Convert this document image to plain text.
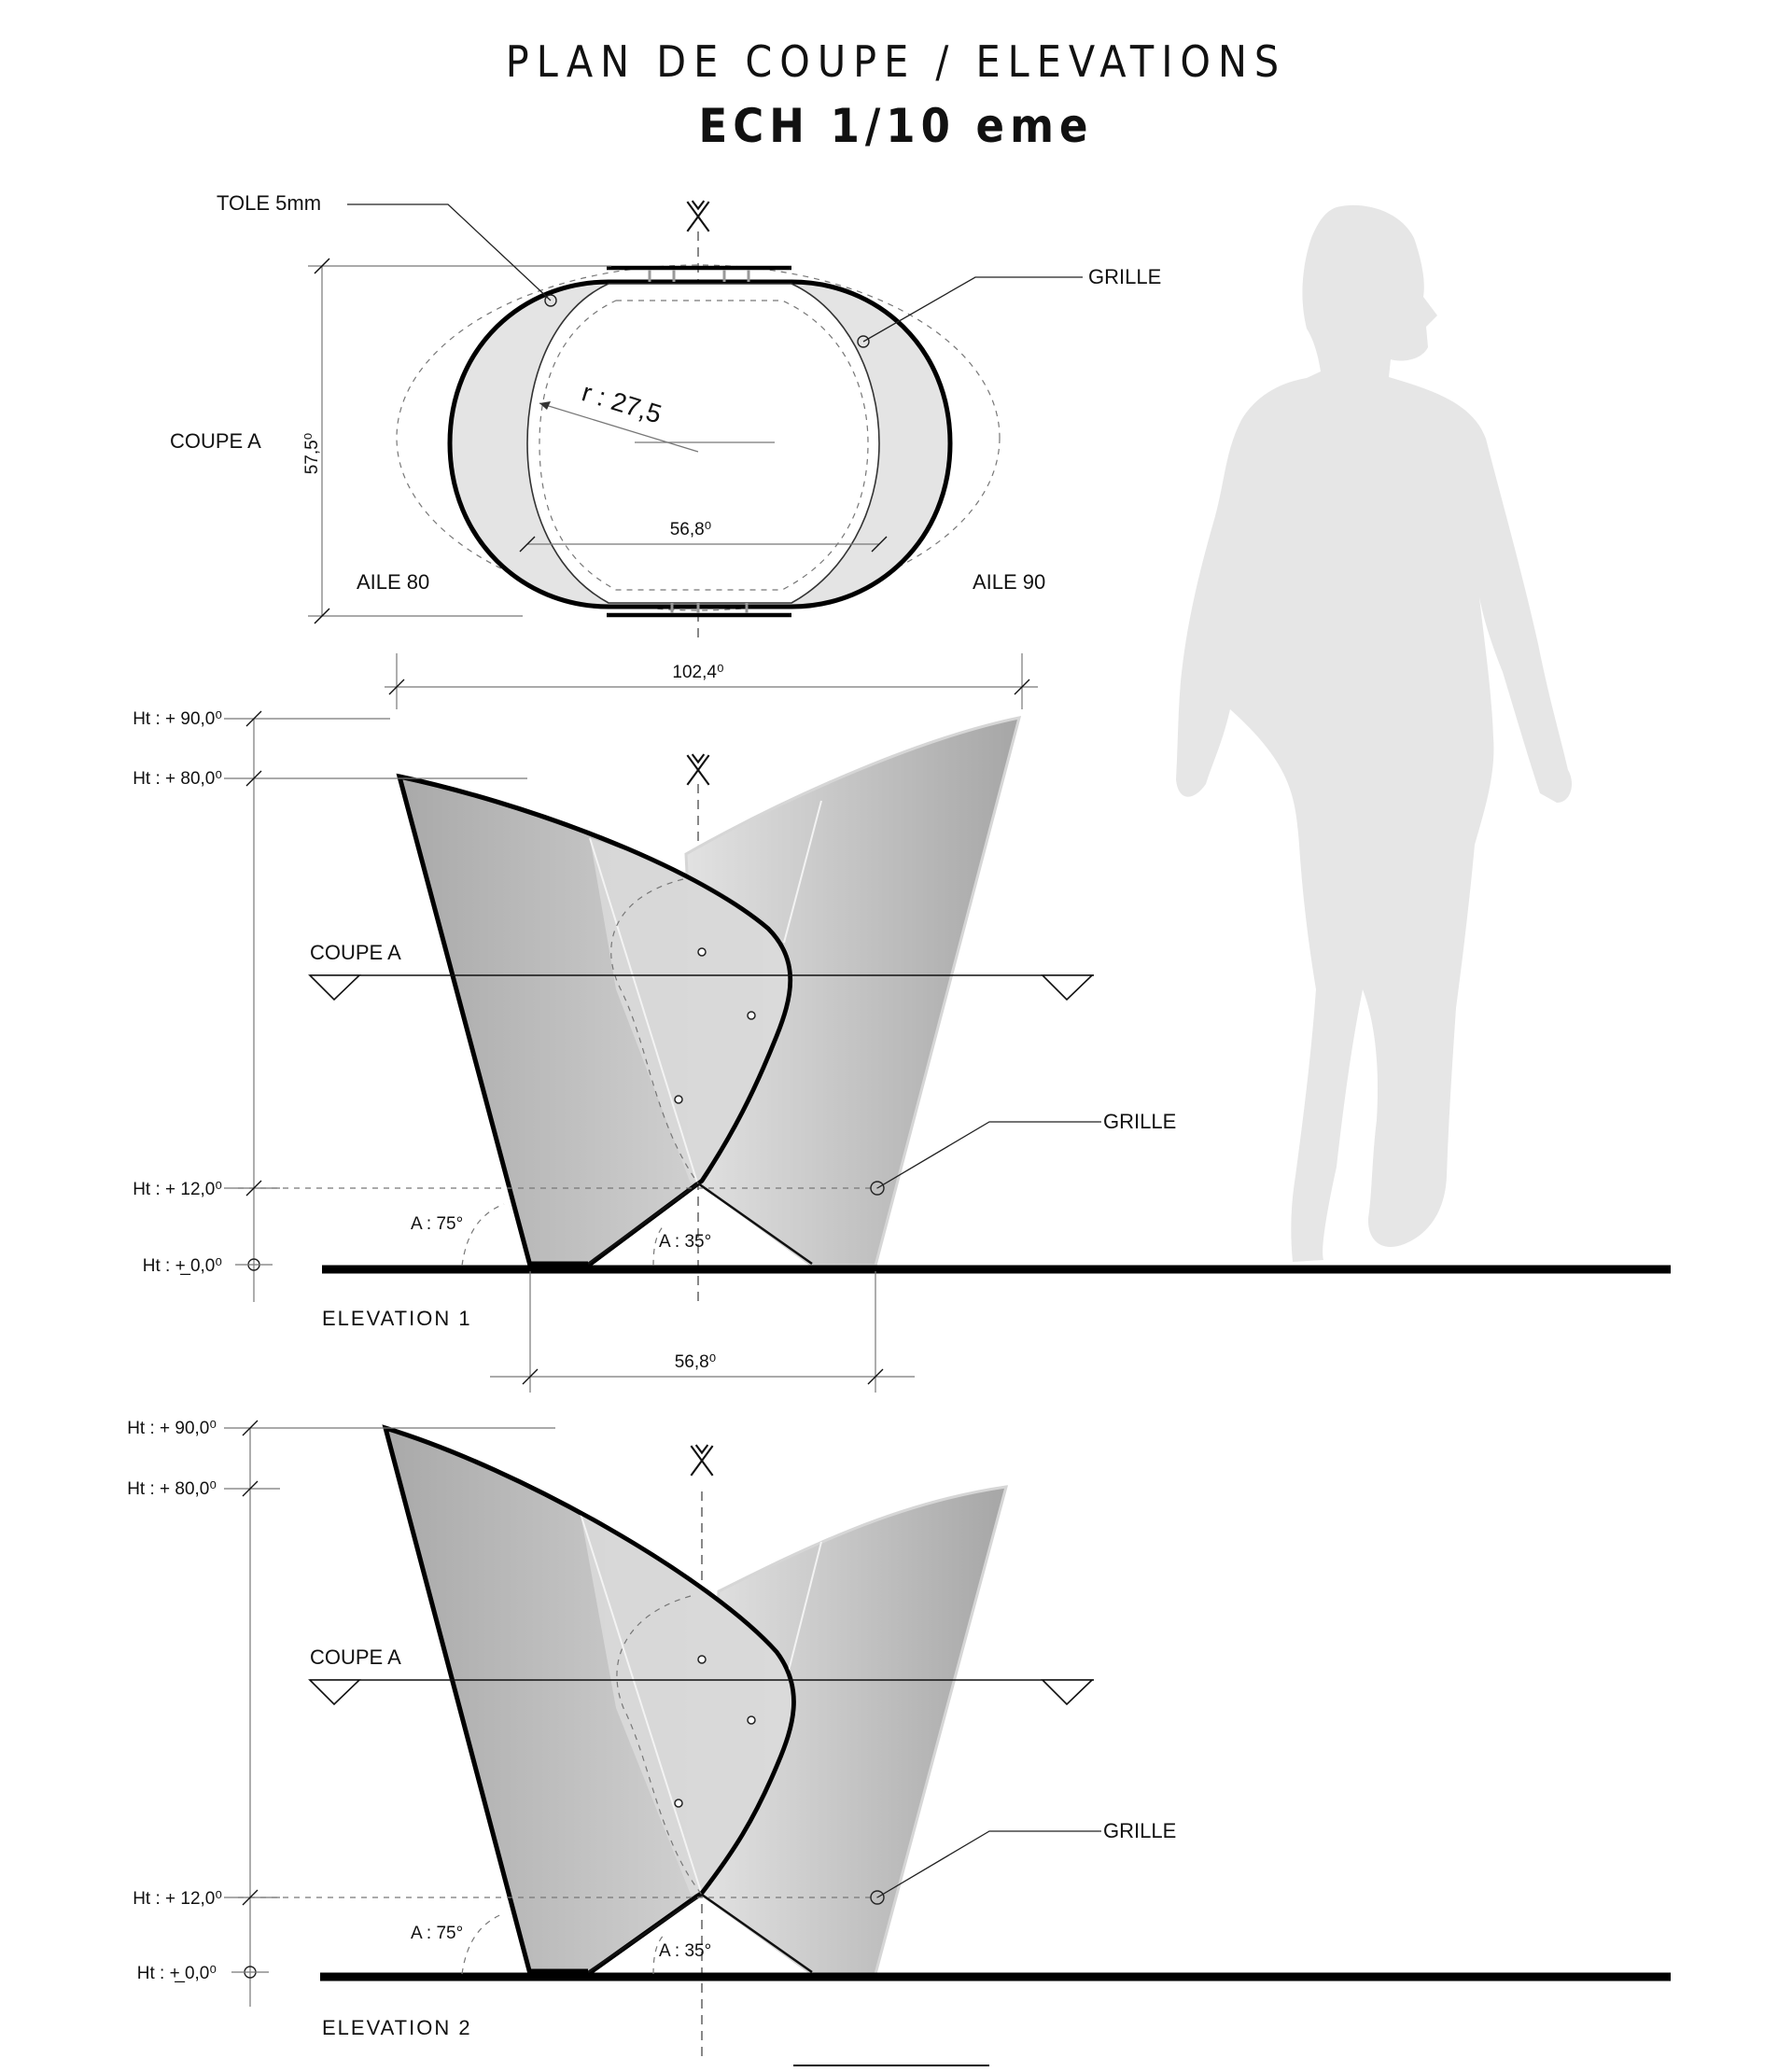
PLAN DE COUPE / ELEVATIONS
ECH 1/10 eme
57,5⁰
COUPE A
AILE 80	AILE 90
r : 27,5
56,8⁰
TOLE 5mm
GRILLE
102,4⁰
COUPE A
GRILLE
Ht : + 90,0⁰
Ht : + 80,0⁰
Ht : + 12,0⁰
Ht : +̲ 0,0⁰
A : 75°
A : 35°
ELEVATION 1
56,8⁰
COUPE A
GRILLE
Ht : + 90,0⁰
Ht : + 80,0⁰
Ht : + 12,0⁰
Ht : +̲ 0,0⁰
A : 75°
A : 35°
ELEVATION 2
